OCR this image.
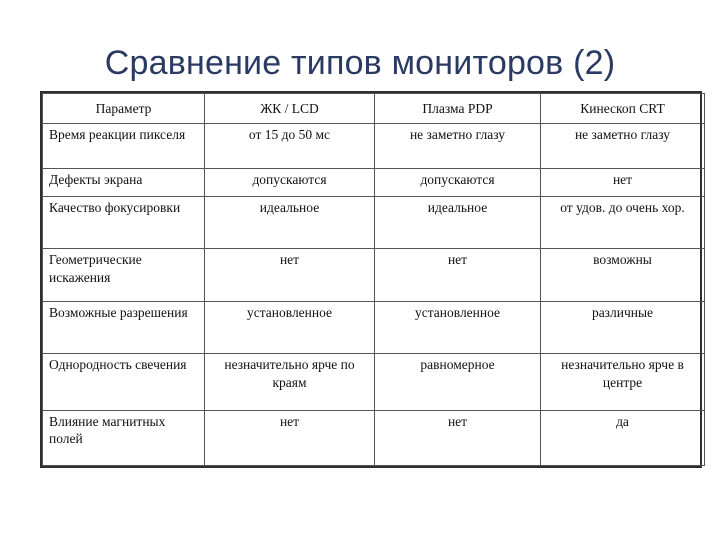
Сравнение типов мониторов (2)
Параметр	ЖК / LCD	Плазма PDP	Кинескоп CRT
Время реакции пикселя	от 15 до 50 мс	не заметно глазу	не заметно глазу
Дефекты экрана	допускаются	допускаются	нет
Качество фокусировки	идеальное	идеальное	от удов. до очень хор.
Геометрические искажения	нет	нет	возможны
Возможные разрешения	установленное	установленное	различные
Однородность свечения	незначительно ярче по краям	равномерное	незначительно ярче в центре
Влияние магнитных полей	нет	нет	да
